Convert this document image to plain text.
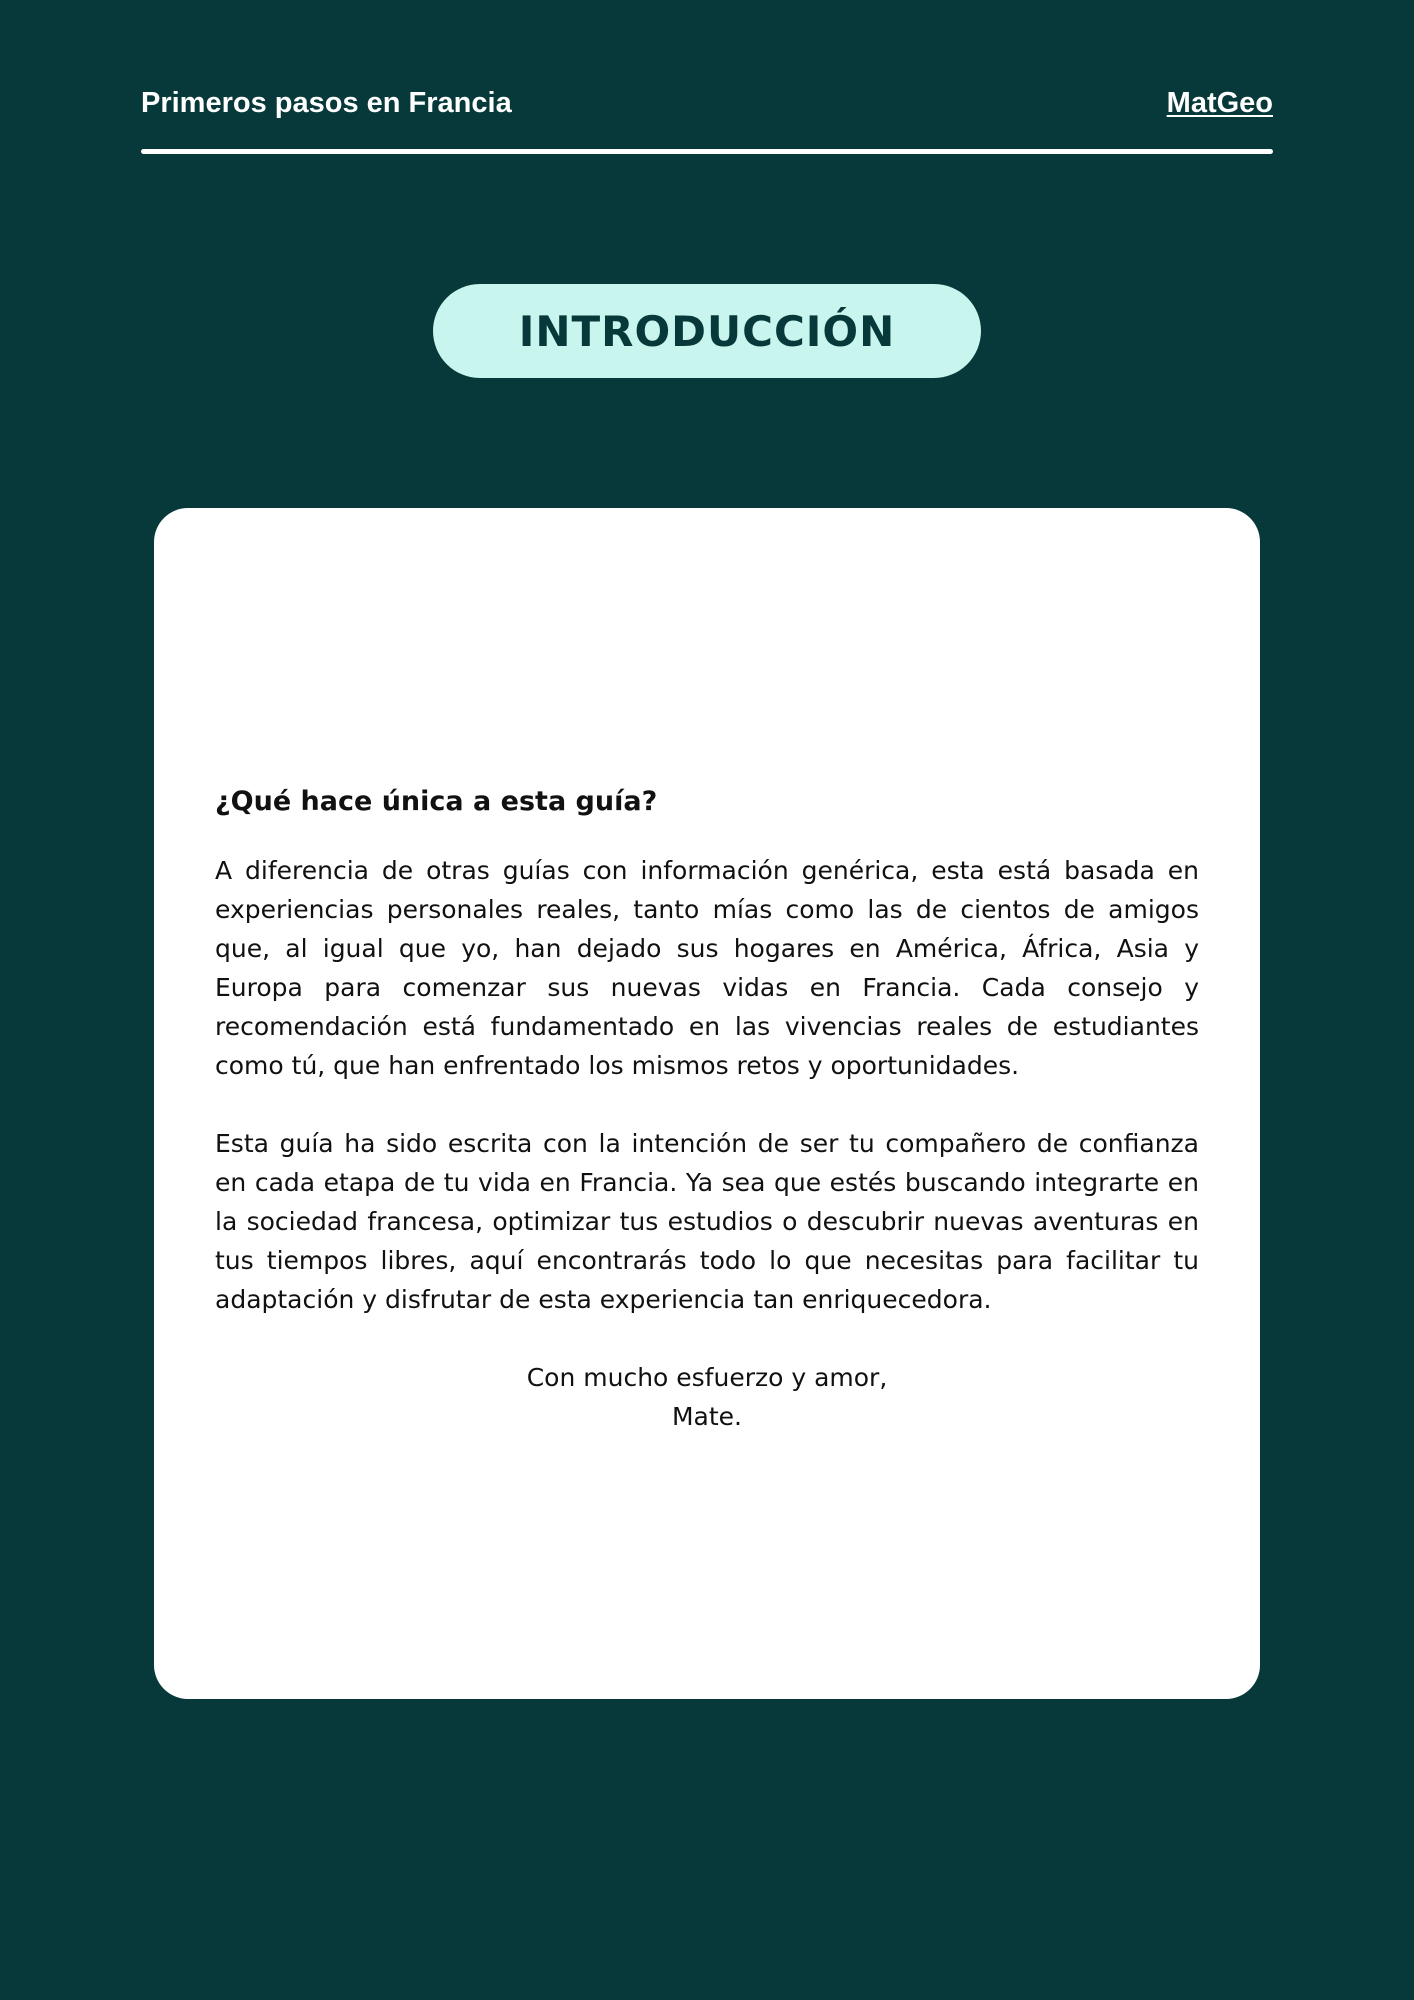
Primeros pasos en Francia	MatGeo
INTRODUCCIÓN
¿Qué hace única a esta guía?

A diferencia de otras guías con información genérica, esta está basada en experiencias personales reales, tanto mías como las de cientos de amigos que, al igual que yo, han dejado sus hogares en América, África, Asia y Europa para comenzar sus nuevas vidas en Francia. Cada consejo y recomendación está fundamentado en las vivencias reales de estudiantes como tú, que han enfrentado los mismos retos y oportunidades.

Esta guía ha sido escrita con la intención de ser tu compañero de confianza en cada etapa de tu vida en Francia. Ya sea que estés buscando integrarte en la sociedad francesa, optimizar tus estudios o descubrir nuevas aventuras en tus tiempos libres, aquí encontrarás todo lo que necesitas para facilitar tu adaptación y disfrutar de esta experiencia tan enriquecedora.

Con mucho esfuerzo y amor,
Mate.
